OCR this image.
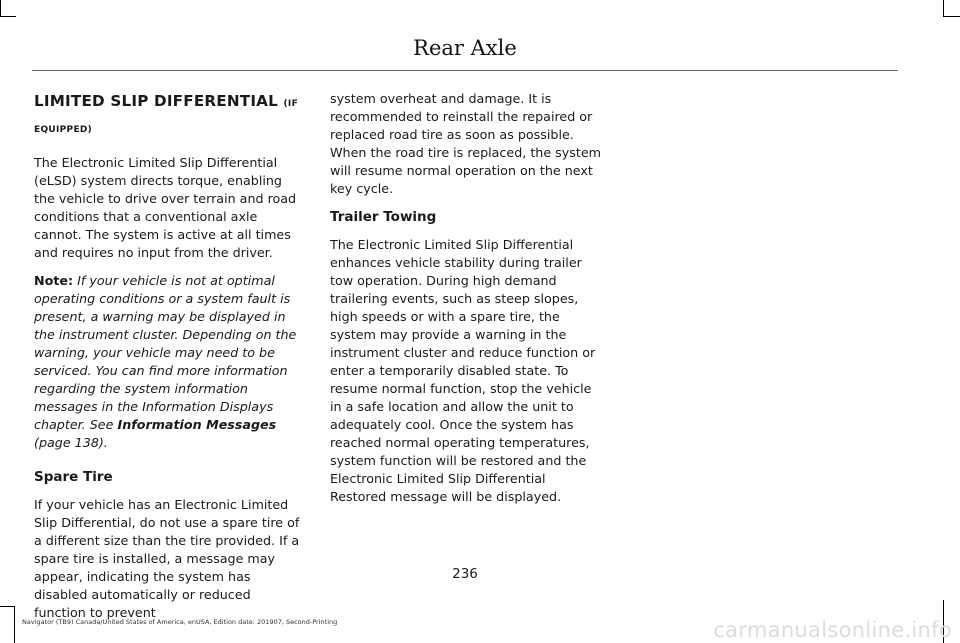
Rear Axle
LIMITED SLIP DIFFERENTIAL (IF
EQUIPPED)

The Electronic Limited Slip Differential (eLSD) system directs torque, enabling the vehicle to drive over terrain and road conditions that a conventional axle cannot. The system is active at all times and requires no input from the driver.

Note: If your vehicle is not at optimal operating conditions or a system fault is present, a warning may be displayed in the instrument cluster. Depending on the warning, your vehicle may need to be serviced. You can find more information regarding the system information messages in the Information Displays chapter. See Information Messages (page 138).

Spare Tire

If your vehicle has an Electronic Limited Slip Differential, do not use a spare tire of a different size than the tire provided. If a spare tire is installed, a message may appear, indicating the system has disabled automatically or reduced function to prevent

system overheat and damage. It is recommended to reinstall the repaired or replaced road tire as soon as possible. When the road tire is replaced, the system will resume normal operation on the next key cycle.

Trailer Towing

The Electronic Limited Slip Differential enhances vehicle stability during trailer tow operation. During high demand trailering events, such as steep slopes, high speeds or with a spare tire, the system may provide a warning in the instrument cluster and reduce function or enter a temporarily disabled state. To resume normal function, stop the vehicle in a safe location and allow the unit to adequately cool. Once the system has reached normal operating temperatures, system function will be restored and the Electronic Limited Slip Differential Restored message will be displayed.

236
Navigator (TB9) Canada/United States of America, enUSA, Edition date: 201907, Second-Printing	carmanualsonline.info
